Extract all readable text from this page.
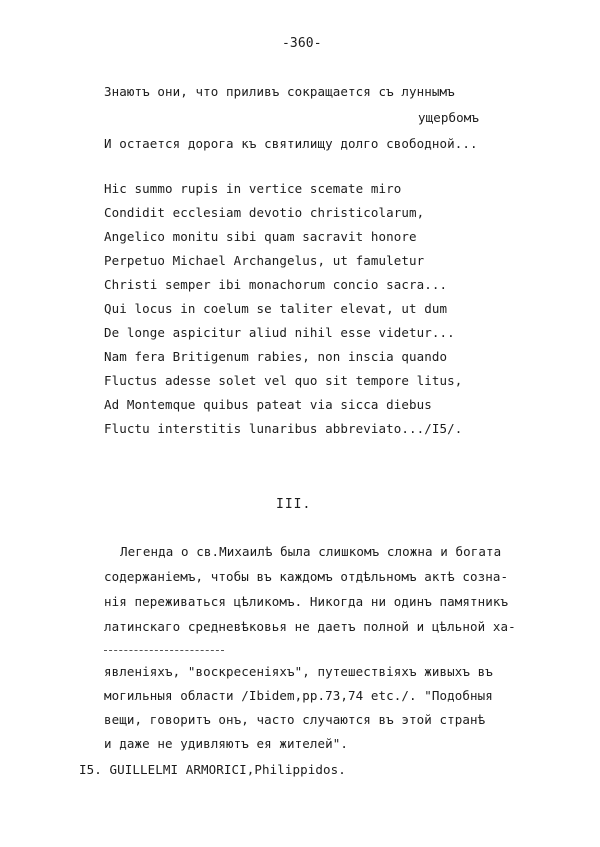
-360-
Знаютъ они, что приливъ сокращается съ луннымъ
ущербомъ
И остается дорога къ святилищу долго свободной...
Hic summo rupis in vertice scemate miro
Condidit ecclesiam devotio christicolarum,
Angelico monitu sibi quam sacravit honore
Perpetuo Michael Archangelus, ut famuletur
Christi semper ibi monachorum concio sacra...
Qui locus in coelum se taliter elevat, ut dum
De longe aspicitur aliud nihil esse videtur...
Nam fera Britigenum rabies, non inscia quando
Fluctus adesse solet vel quo sit tempore litus,
Ad Montemque quibus pateat via sicca diebus
Fluctu interstitis lunaribus abbreviato.../I5/.
III.
Легенда о св.Михаилѣ была слишкомъ сложна и богата
содержаніемъ, чтобы въ каждомъ отдѣльномъ актѣ созна-
нія переживаться цѣликомъ. Никогда ни одинъ памятникъ
латинскаго средневѣковья не даетъ полной и цѣльной ха-
явленіяхъ, "воскресеніяхъ", путешествіяхъ живыхъ въ
могильныя области /Ibidem,pp.73,74 etc./. "Подобныя
вещи, говоритъ онъ, часто случаются въ этой странѣ
и даже не удивляютъ ея жителей".
I5. GUILLELMI ARMORICI,Philippidos.
